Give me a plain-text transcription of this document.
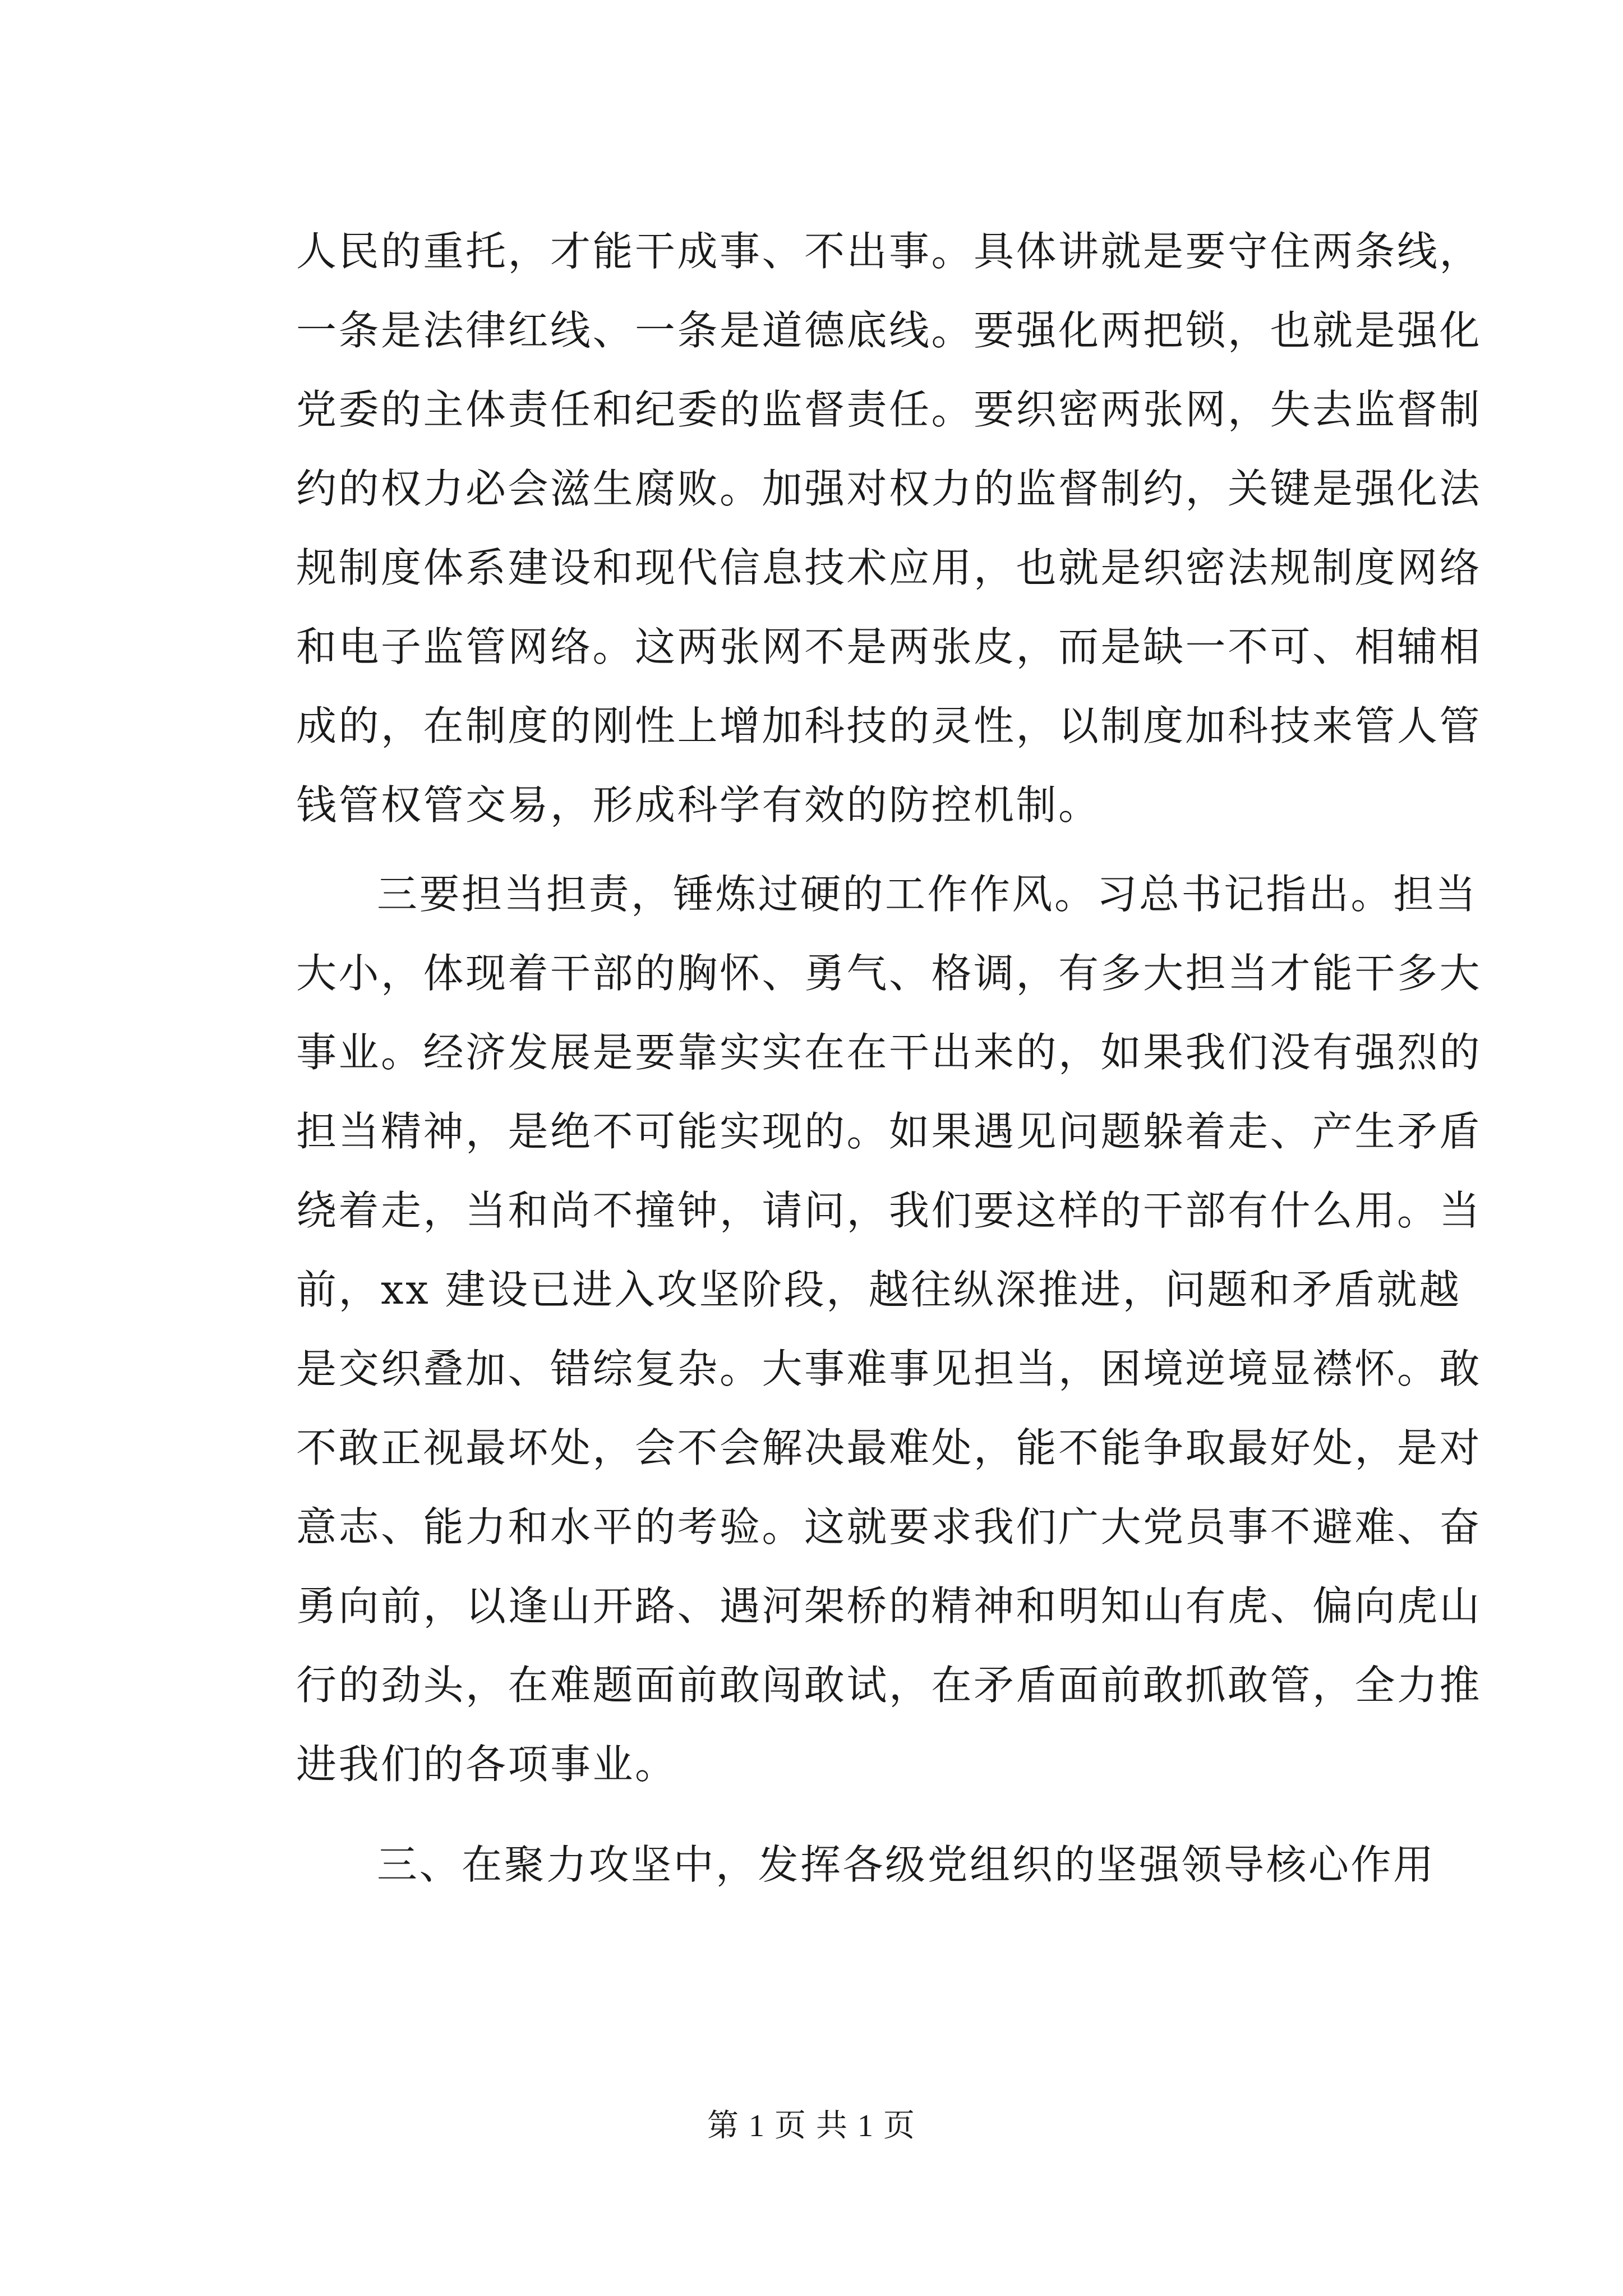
人民的重托，才能干成事、不出事。具体讲就是要守住两条线，
一条是法律红线、一条是道德底线。要强化两把锁，也就是强化
党委的主体责任和纪委的监督责任。要织密两张网，失去监督制
约的权力必会滋生腐败。加强对权力的监督制约，关键是强化法
规制度体系建设和现代信息技术应用，也就是织密法规制度网络
和电子监管网络。这两张网不是两张皮，而是缺一不可、相辅相
成的，在制度的刚性上增加科技的灵性，以制度加科技来管人管
钱管权管交易，形成科学有效的防控机制。
三要担当担责，锤炼过硬的工作作风。习总书记指出。担当
大小，体现着干部的胸怀、勇气、格调，有多大担当才能干多大
事业。经济发展是要靠实实在在干出来的，如果我们没有强烈的
担当精神，是绝不可能实现的。如果遇见问题躲着走、产生矛盾
绕着走，当和尚不撞钟，请问，我们要这样的干部有什么用。当
前，xx 建设已进入攻坚阶段，越往纵深推进，问题和矛盾就越
是交织叠加、错综复杂。大事难事见担当，困境逆境显襟怀。敢
不敢正视最坏处，会不会解决最难处，能不能争取最好处，是对
意志、能力和水平的考验。这就要求我们广大党员事不避难、奋
勇向前，以逢山开路、遇河架桥的精神和明知山有虎、偏向虎山
行的劲头，在难题面前敢闯敢试，在矛盾面前敢抓敢管，全力推
进我们的各项事业。
三、在聚力攻坚中，发挥各级党组织的坚强领导核心作用
第 1 页 共 1 页
